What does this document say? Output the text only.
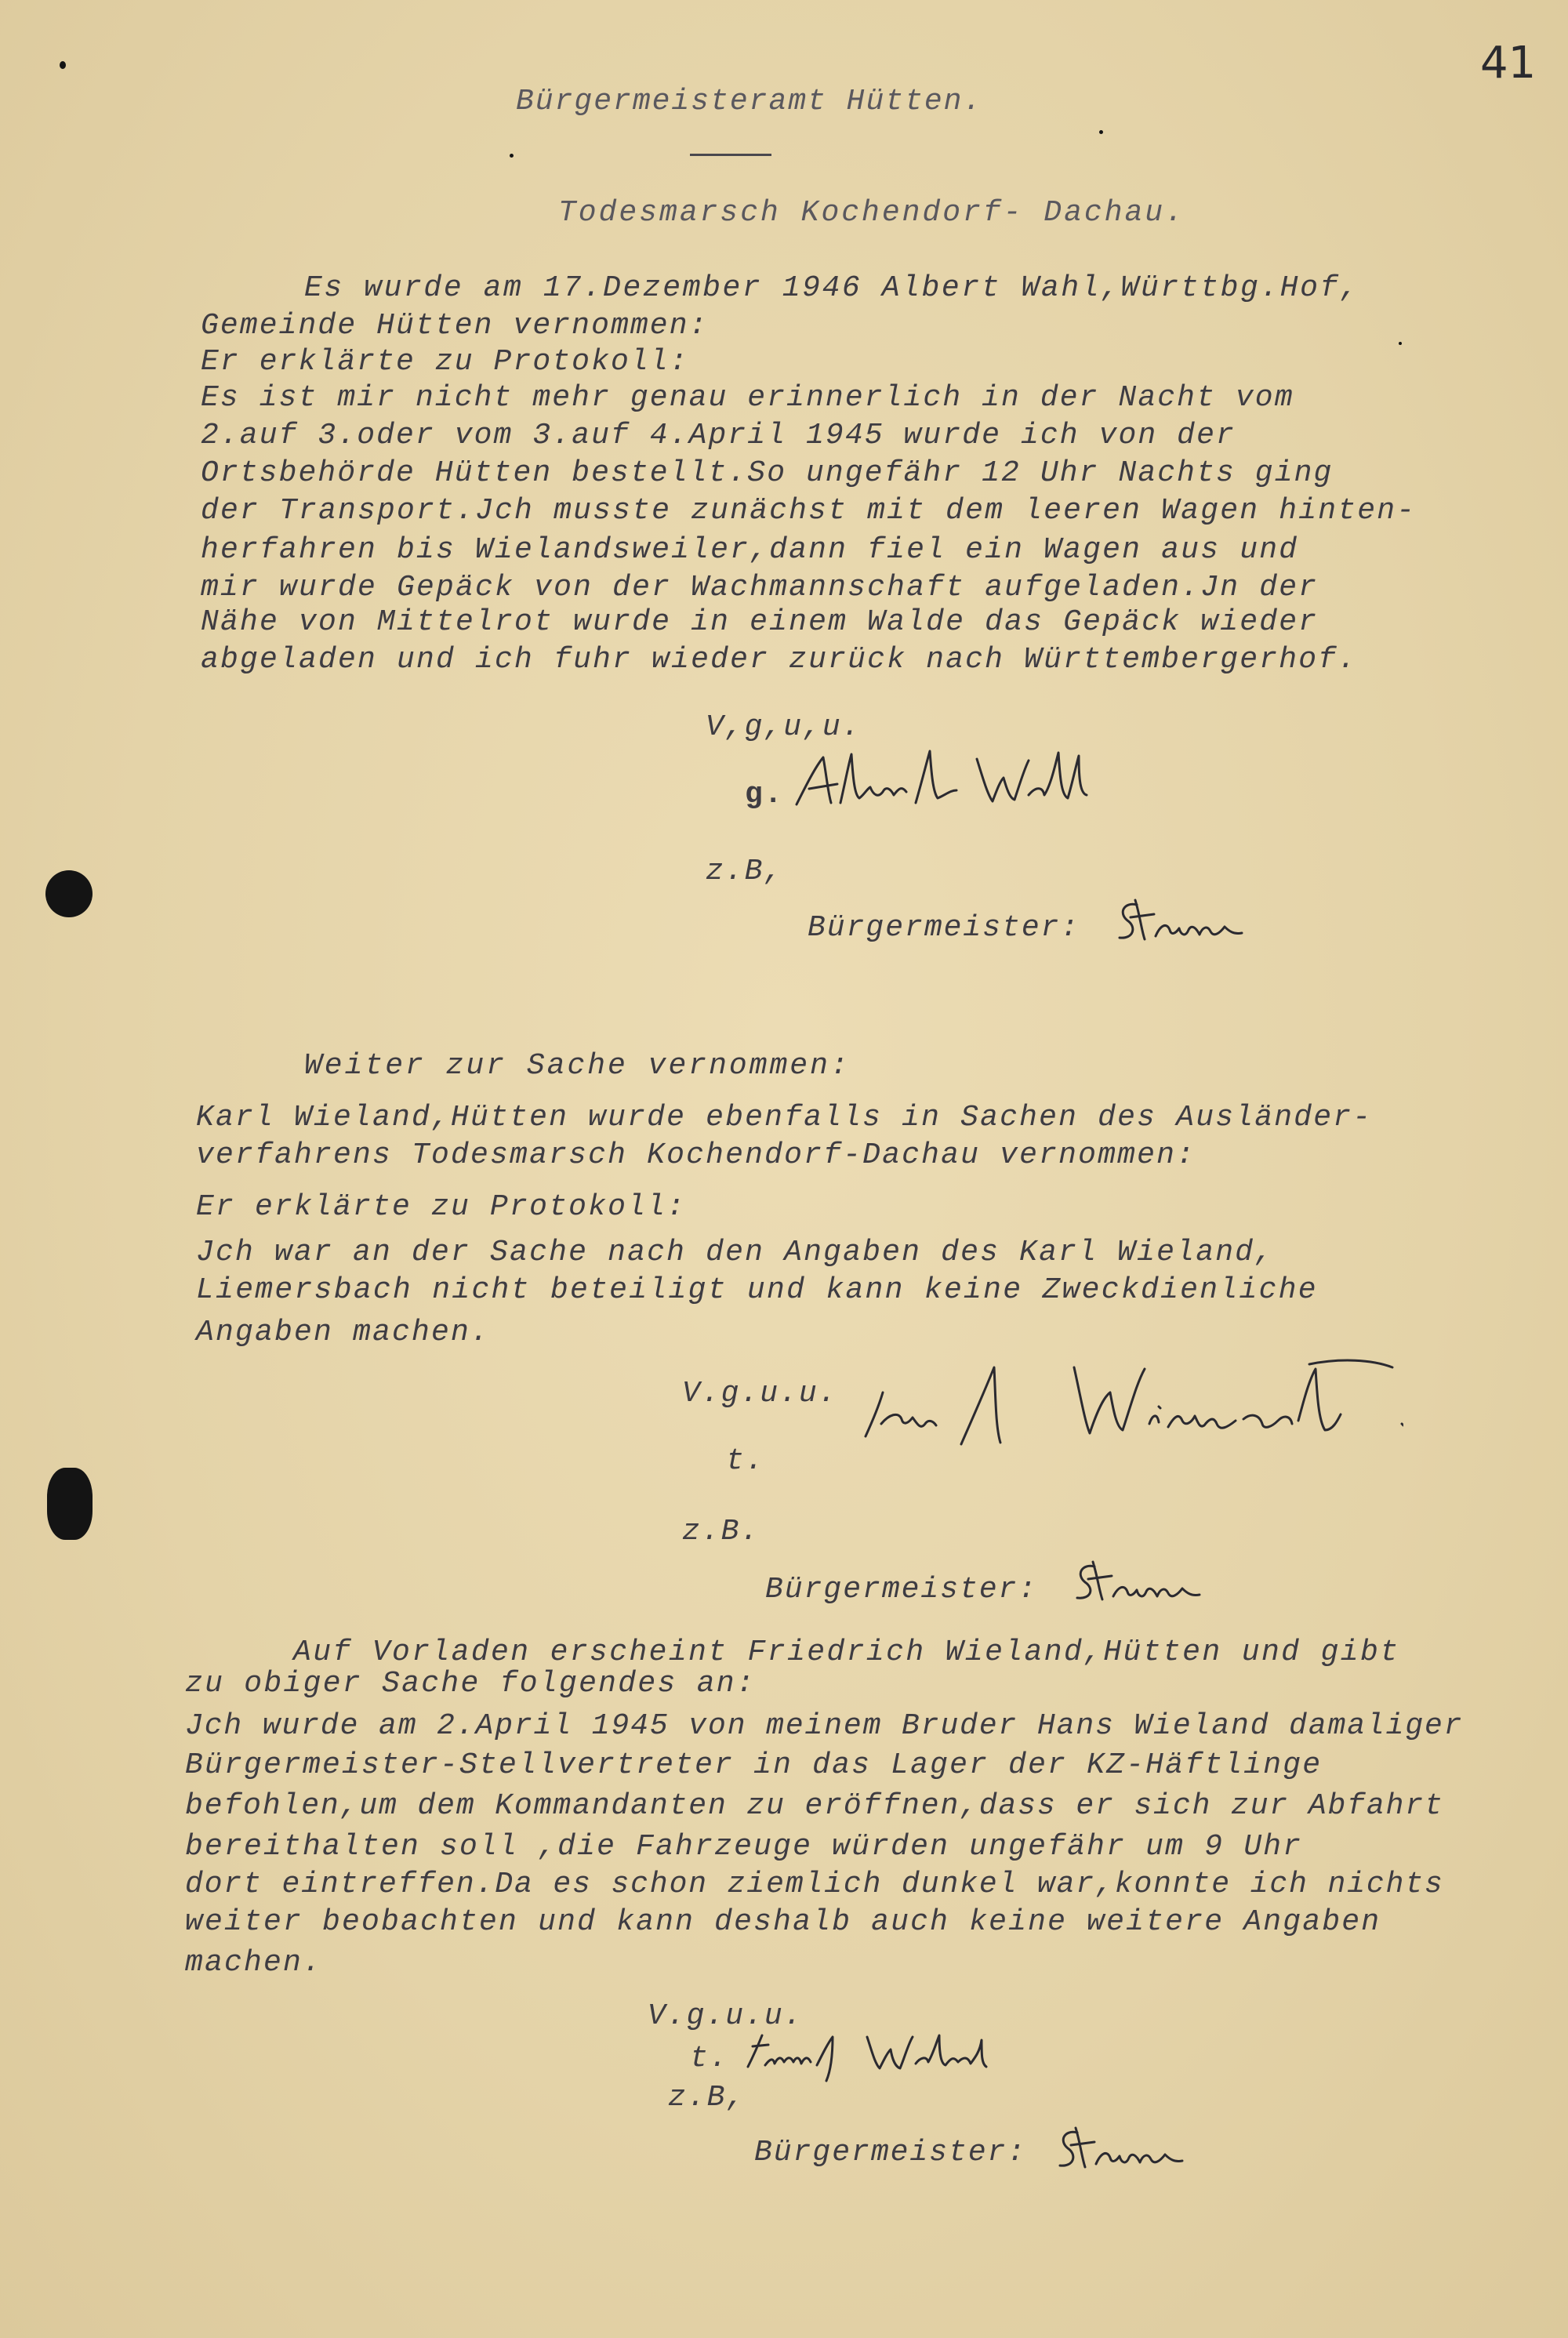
41
Bürgermeisteramt Hütten.
Todesmarsch Kochendorf- Dachau.
Es wurde am 17.Dezember 1946 Albert Wahl,Württbg.Hof,
Gemeinde Hütten vernommen:
Er erklärte zu Protokoll:
Es ist mir nicht mehr genau erinnerlich in der Nacht vom
2.auf 3.oder vom 3.auf 4.April 1945 wurde ich von der
Ortsbehörde Hütten bestellt.So ungefähr 12 Uhr Nachts ging
der Transport.Jch musste zunächst mit dem leeren Wagen hinten-
herfahren bis Wielandsweiler,dann fiel ein Wagen aus und
mir wurde Gepäck von der Wachmannschaft aufgeladen.Jn der
Nähe von Mittelrot wurde in einem Walde das Gepäck wieder
abgeladen und ich fuhr wieder zurück nach Württembergerhof.
V,g,u,u.
g.
z.B,
Bürgermeister:
Weiter zur Sache vernommen:
Karl Wieland,Hütten wurde ebenfalls in Sachen des Ausländer-
verfahrens Todesmarsch Kochendorf-Dachau vernommen:
Er erklärte zu Protokoll:
Jch war an der Sache nach den Angaben des Karl Wieland,
Liemersbach nicht beteiligt und kann keine Zweckdienliche
Angaben machen.
V.g.u.u.
t.
z.B.
Bürgermeister:
Auf Vorladen erscheint Friedrich Wieland,Hütten und gibt
zu obiger Sache folgendes an:
Jch wurde am 2.April 1945 von meinem Bruder Hans Wieland damaliger
Bürgermeister-Stellvertreter in das Lager der KZ-Häftlinge
befohlen,um dem Kommandanten zu eröffnen,dass er sich zur Abfahrt
bereithalten soll ,die Fahrzeuge würden ungefähr um 9 Uhr
dort eintreffen.Da es schon ziemlich dunkel war,konnte ich nichts
weiter beobachten und kann deshalb auch keine weitere Angaben
machen.
V.g.u.u.
t.
z.B,
Bürgermeister:
